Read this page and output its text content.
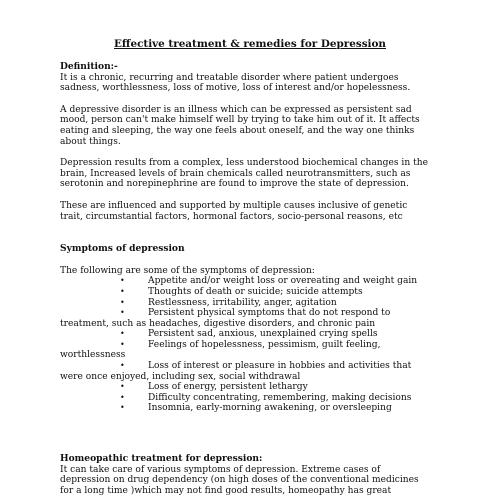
Effective treatment & remedies for Depression
Definition:-
It is a chronic, recurring and treatable disorder where patient undergoes
sadness, worthlessness, loss of motive, loss of interest and/or hopelessness.
A depressive disorder is an illness which can be expressed as persistent sad
mood, person can't make himself well by trying to take him out of it. It affects
eating and sleeping, the way one feels about oneself, and the way one thinks
about things.
Depression results from a complex, less understood biochemical changes in the
brain, Increased levels of brain chemicals called neurotransmitters, such as
serotonin and norepinephrine are found to improve the state of depression.
These are influenced and supported by multiple causes inclusive of genetic
trait, circumstantial factors, hormonal factors, socio-personal reasons, etc
Symptoms of depression
The following are some of the symptoms of depression:
•	Appetite and/or weight loss or overeating and weight gain
•	Thoughts of death or suicide; suicide attempts
•	Restlessness, irritability, anger, agitation
•	Persistent physical symptoms that do not respond to
treatment, such as headaches, digestive disorders, and chronic pain
•	Persistent sad, anxious, unexplained crying spells
•	Feelings of hopelessness, pessimism, guilt feeling,
worthlessness
•	Loss of interest or pleasure in hobbies and activities that
were once enjoyed, including sex, social withdrawal
•	Loss of energy, persistent lethargy
•	Difficulty concentrating, remembering, making decisions
•	Insomnia, early-morning awakening, or oversleeping
Homeopathic treatment for depression:
It can take care of various symptoms of depression. Extreme cases of
depression on drug dependency (on high doses of the conventional medicines
for a long time )which may not find good results, homeopathy has great
